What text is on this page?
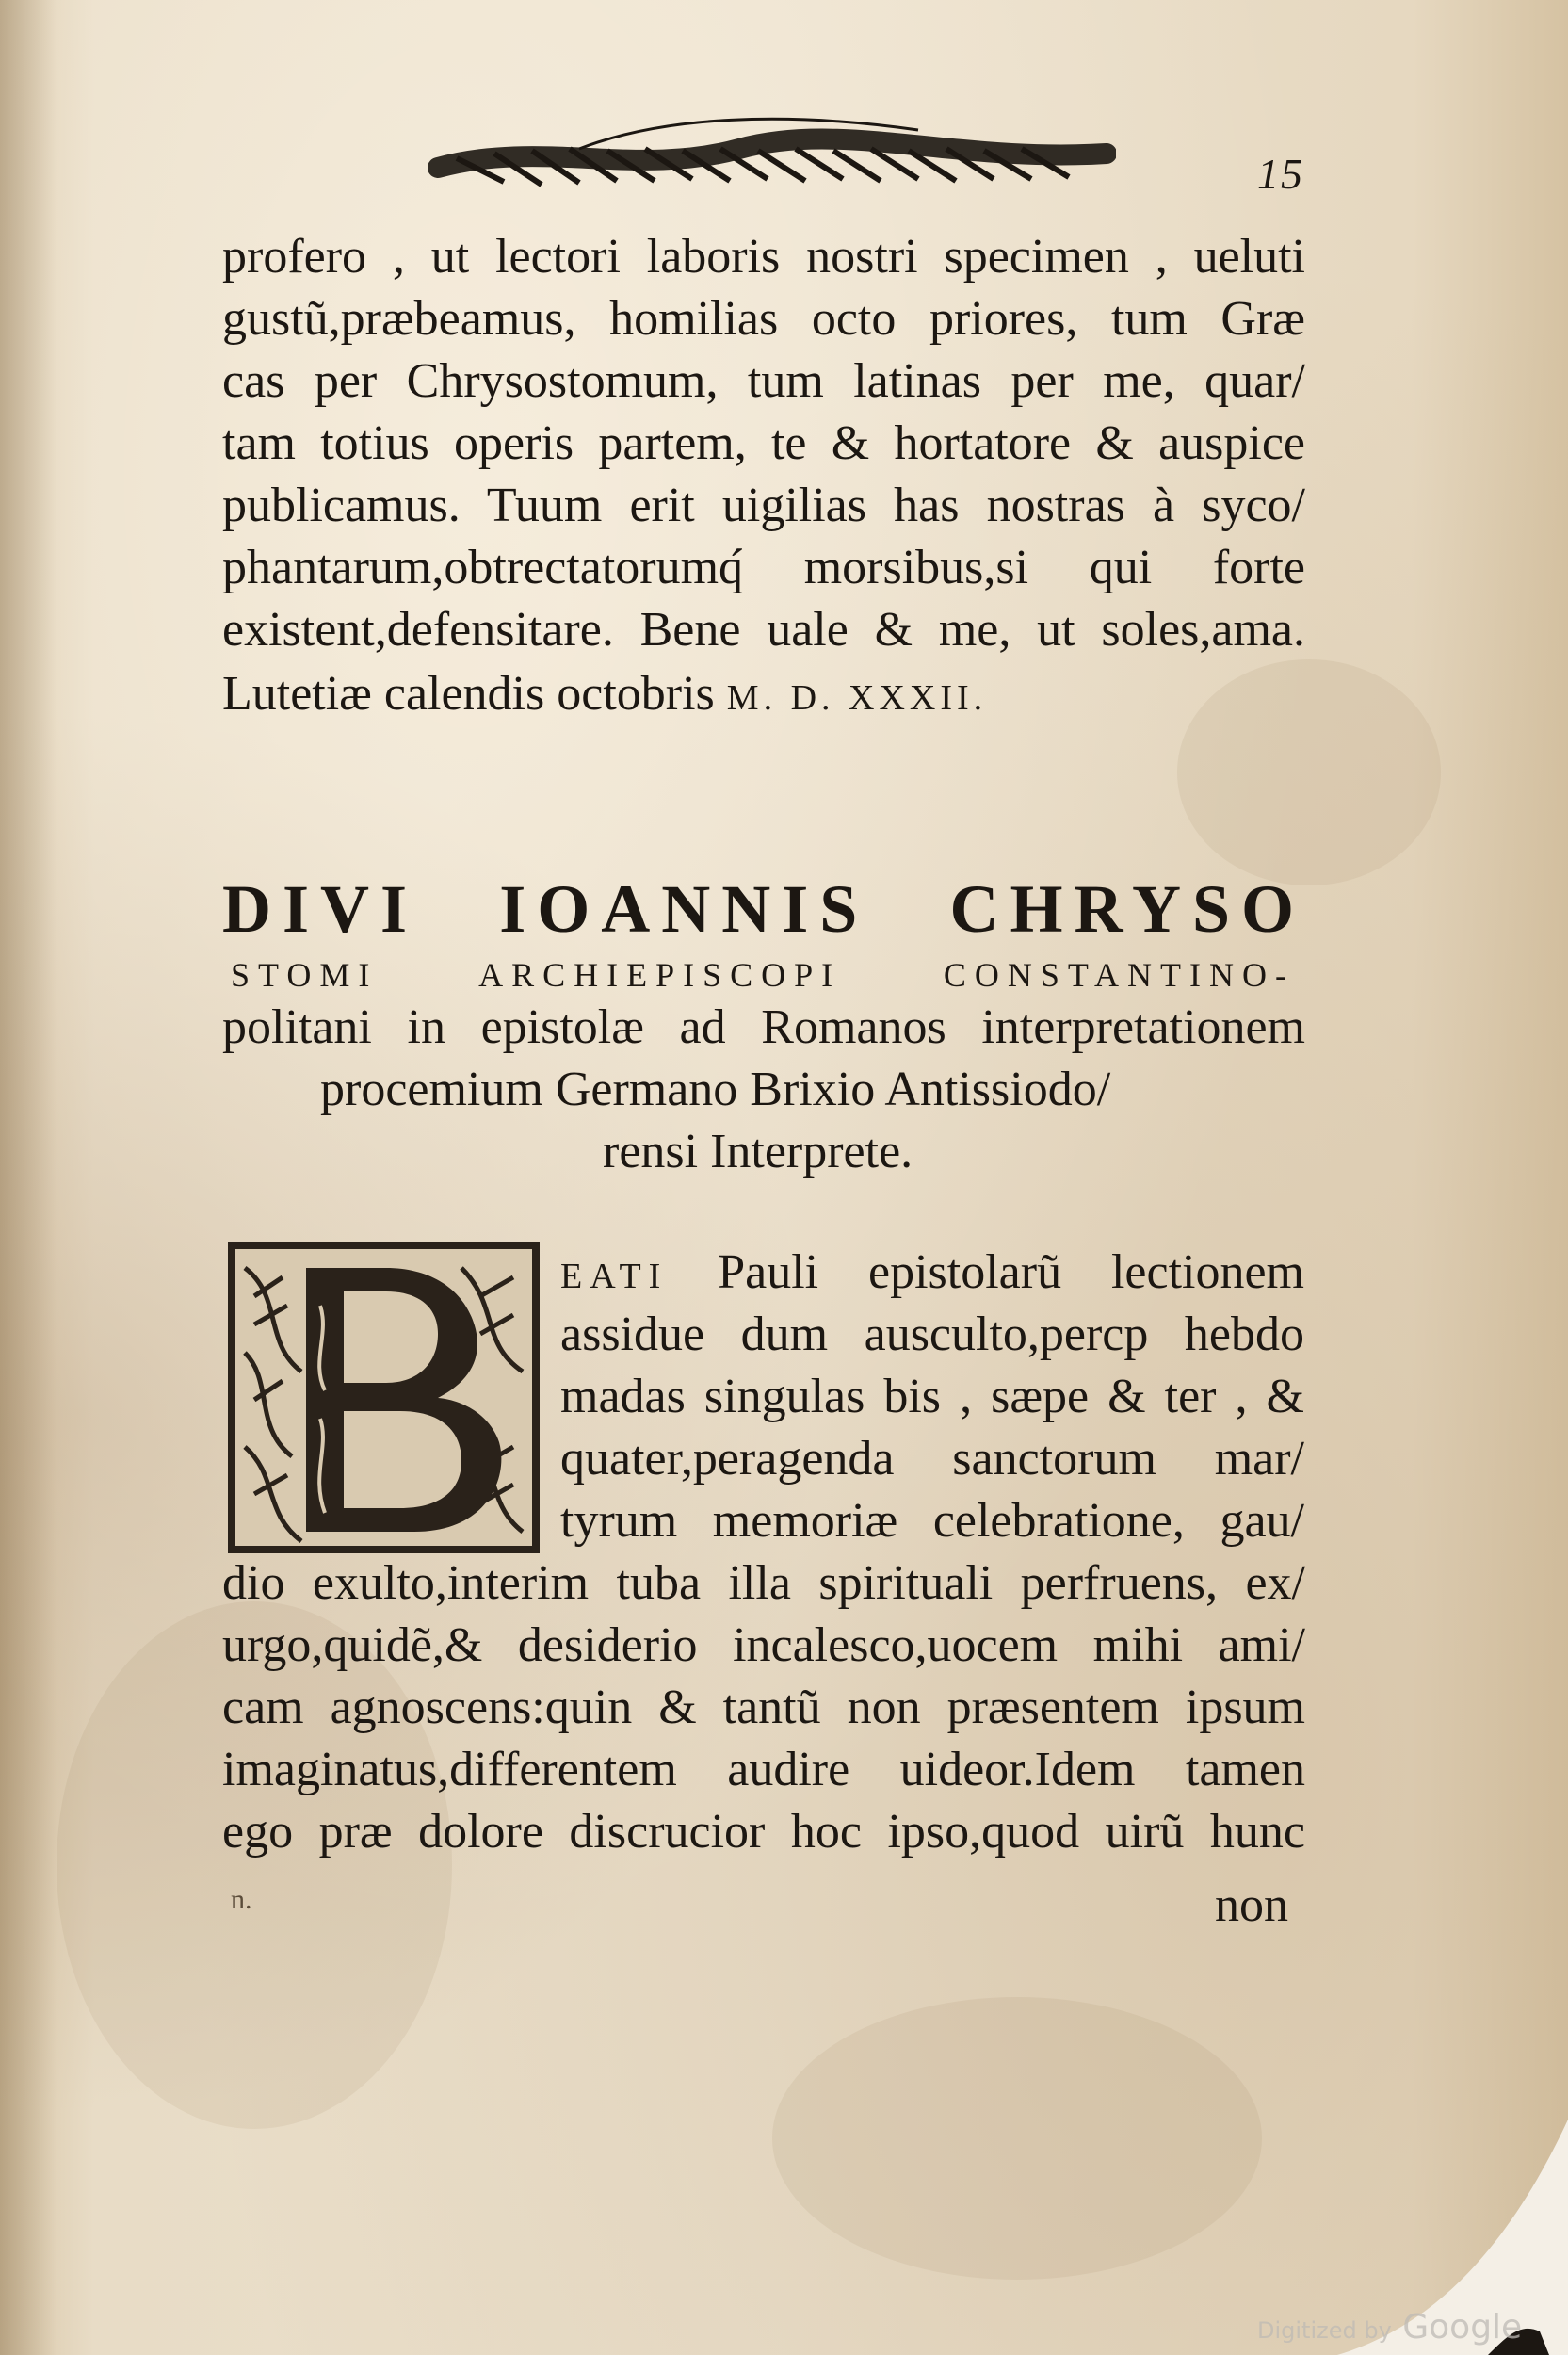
15
profero , ut lectori laboris nostri specimen , ueluti
gustũ,præbeamus, homilias octo priores, tum Græ
cas per Chrysostomum, tum latinas per me, quar/
tam totius operis partem, te & hortatore & auspice
publicamus. Tuum erit uigilias has nostras à syco/
phantarum,obtrectatorumq́ morsibus,si qui forte
existent,defensitare. Bene uale & me, ut soles,ama.
Lutetiæ calendis octobris M. D. XXXII.
DIVI IOANNIS CHRYSO
STOMI ARCHIEPISCOPI CONSTANTINO-
politani in epistolæ ad Romanos interpretationem
procemium Germano Brixio Antissiodo/
rensi Interprete.
EATI Pauli epistolarũ lectionem
assidue dum ausculto,percp hebdo
madas singulas bis , sæpe & ter , &
quater,peragenda sanctorum mar/
tyrum memoriæ celebratione, gau/
dio exulto,interim tuba illa spirituali perfruens, ex/
urgo,quidẽ,& desiderio incalesco,uocem mihi ami/
cam agnoscens:quin & tantũ non præsentem ipsum
imaginatus,differentem audire uideor.Idem tamen
ego præ dolore discrucior hoc ipso,quod uirũ hunc
n.	non
Digitized by Google
